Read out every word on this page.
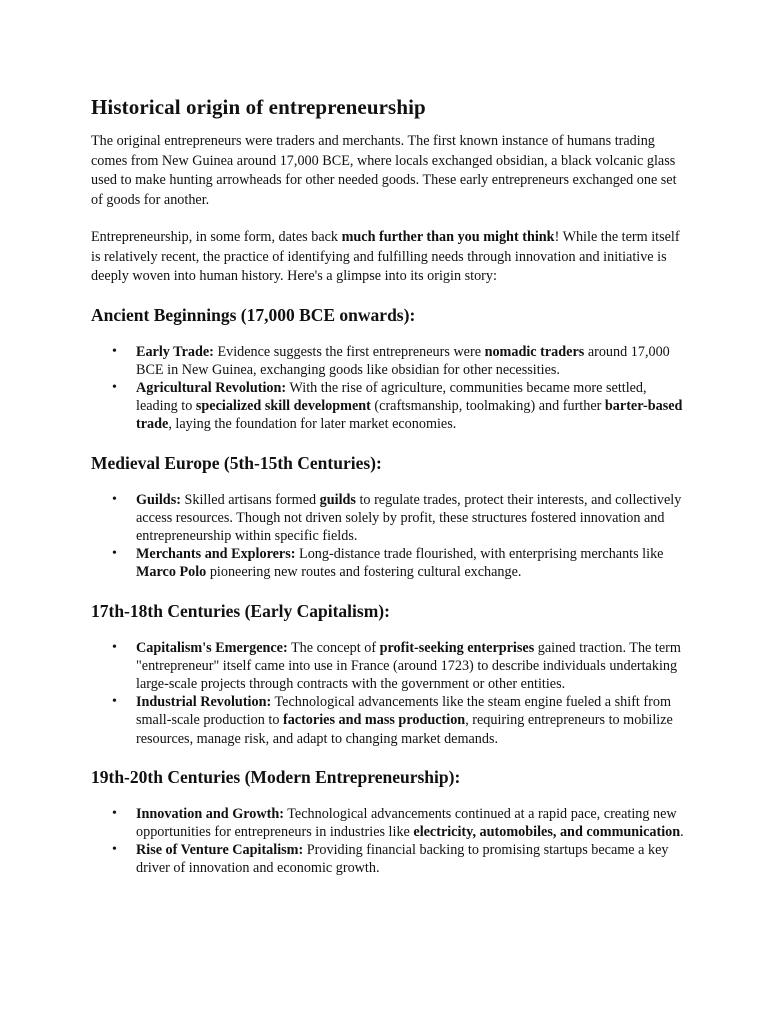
Historical origin of entrepreneurship

The original entrepreneurs were traders and merchants. The first known instance of humans trading comes from New Guinea around 17,000 BCE, where locals exchanged obsidian, a black volcanic glass used to make hunting arrowheads for other needed goods. These early entrepreneurs exchanged one set of goods for another.

Entrepreneurship, in some form, dates back much further than you might think! While the term itself is relatively recent, the practice of identifying and fulfilling needs through innovation and initiative is deeply woven into human history. Here's a glimpse into its origin story:

Ancient Beginnings (17,000 BCE onwards):
• Early Trade: Evidence suggests the first entrepreneurs were nomadic traders around 17,000 BCE in New Guinea, exchanging goods like obsidian for other necessities.
• Agricultural Revolution: With the rise of agriculture, communities became more settled, leading to specialized skill development (craftsmanship, toolmaking) and further barter-based trade, laying the foundation for later market economies.
Medieval Europe (5th-15th Centuries):
• Guilds: Skilled artisans formed guilds to regulate trades, protect their interests, and collectively access resources. Though not driven solely by profit, these structures fostered innovation and entrepreneurship within specific fields.
• Merchants and Explorers: Long-distance trade flourished, with enterprising merchants like Marco Polo pioneering new routes and fostering cultural exchange.
17th-18th Centuries (Early Capitalism):
• Capitalism's Emergence: The concept of profit-seeking enterprises gained traction. The term "entrepreneur" itself came into use in France (around 1723) to describe individuals undertaking large-scale projects through contracts with the government or other entities.
• Industrial Revolution: Technological advancements like the steam engine fueled a shift from small-scale production to factories and mass production, requiring entrepreneurs to mobilize resources, manage risk, and adapt to changing market demands.
19th-20th Centuries (Modern Entrepreneurship):
• Innovation and Growth: Technological advancements continued at a rapid pace, creating new opportunities for entrepreneurs in industries like electricity, automobiles, and communication.
• Rise of Venture Capitalism: Providing financial backing to promising startups became a key driver of innovation and economic growth.
